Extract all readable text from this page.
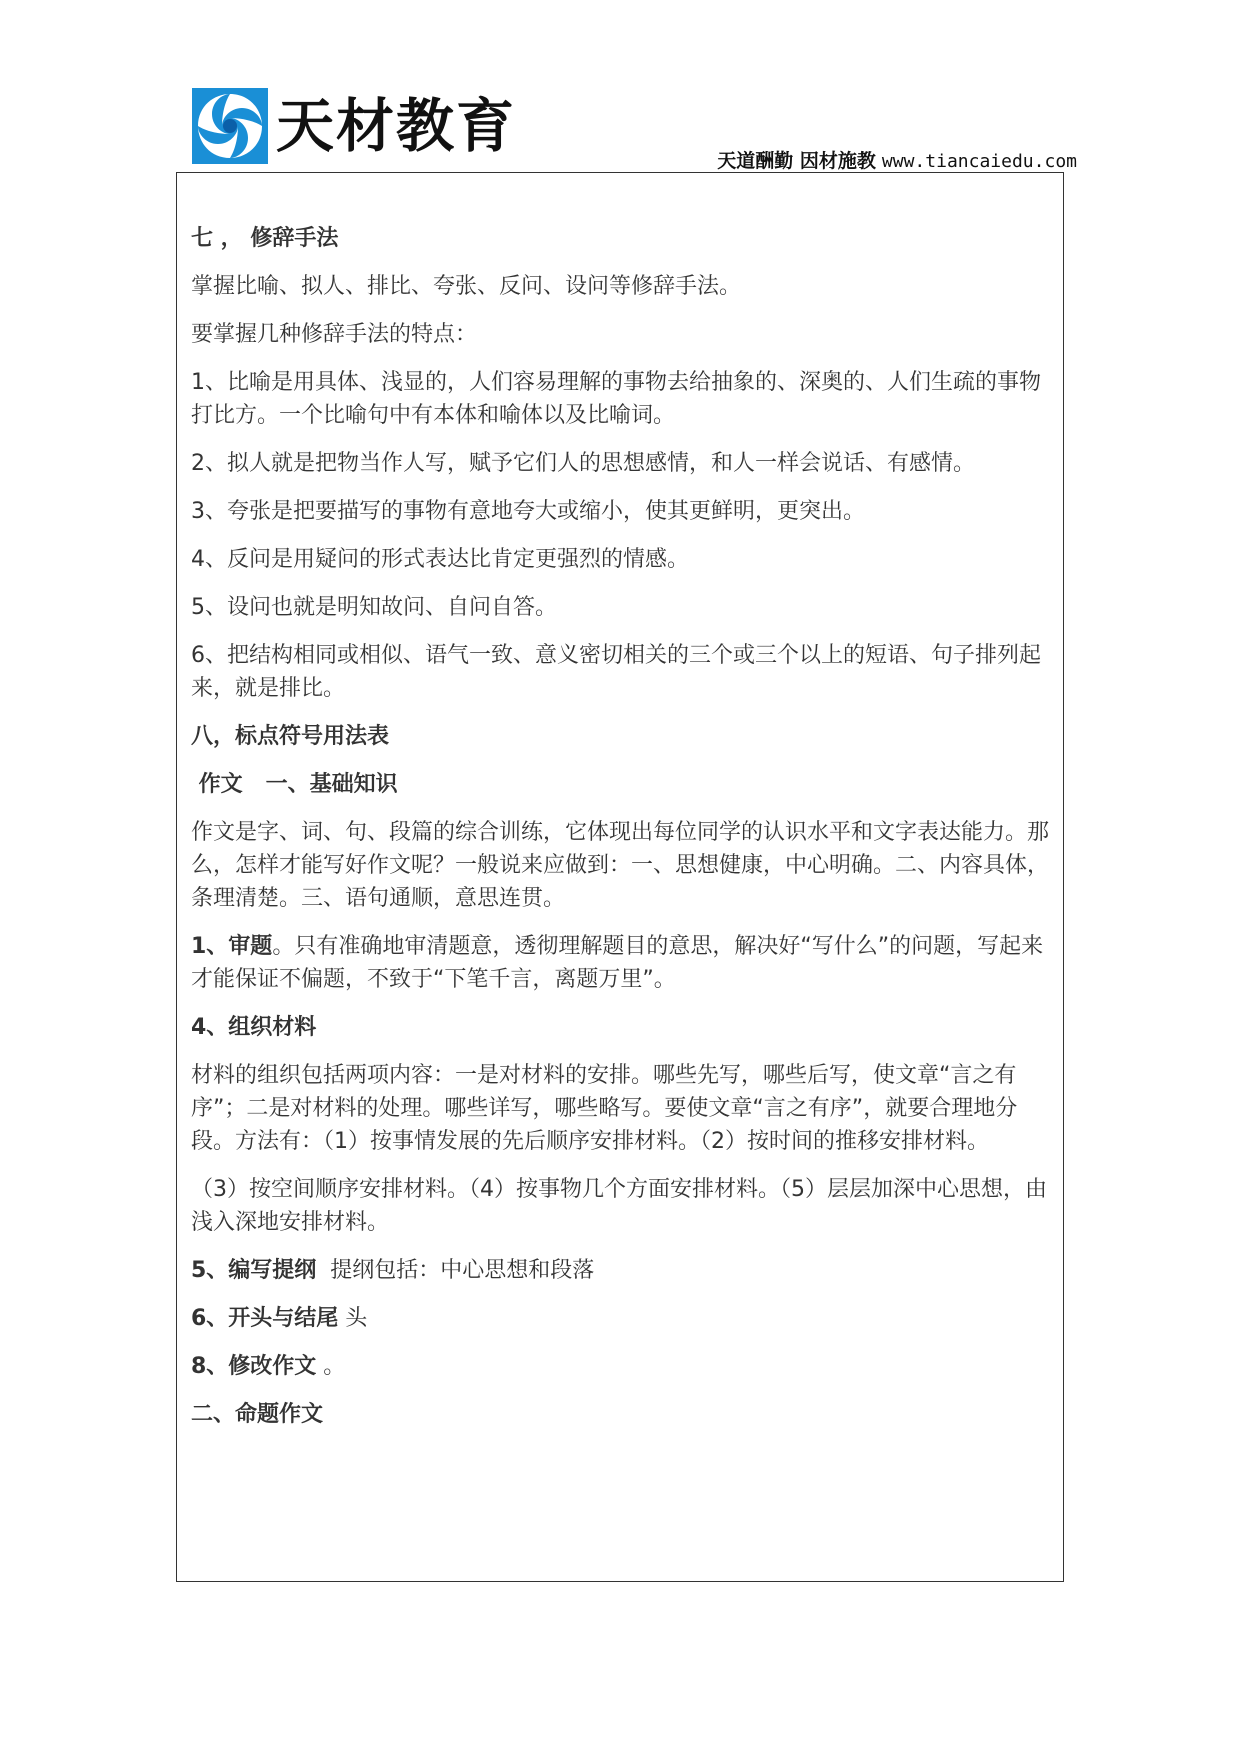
天材教育
天道酬勤 因材施教 www.tiancaiedu.com

七 ， 修辞手法

掌握比喻、拟人、排比、夸张、反问、设问等修辞手法。

要掌握几种修辞手法的特点：

1、比喻是用具体、浅显的，人们容易理解的事物去给抽象的、深奥的、人们生疏的事物打比方。一个比喻句中有本体和喻体以及比喻词。

2、拟人就是把物当作人写，赋予它们人的思想感情，和人一样会说话、有感情。

3、夸张是把要描写的事物有意地夸大或缩小，使其更鲜明，更突出。

4、反问是用疑问的形式表达比肯定更强烈的情感。

5、设问也就是明知故问、自问自答。

6、把结构相同或相似、语气一致、意义密切相关的三个或三个以上的短语、句子排列起来，就是排比。

八，标点符号用法表

作文   一、基础知识

作文是字、词、句、段篇的综合训练，它体现出每位同学的认识水平和文字表达能力。那么，怎样才能写好作文呢？一般说来应做到：一、思想健康，中心明确。二、内容具体，条理清楚。三、语句通顺，意思连贯。

1、审题。只有准确地审清题意，透彻理解题目的意思，解决好“写什么”的问题，写起来才能保证不偏题，不致于“下笔千言，离题万里”。

4、组织材料

材料的组织包括两项内容：一是对材料的安排。哪些先写，哪些后写，使文章“言之有序”；二是对材料的处理。哪些详写，哪些略写。要使文章“言之有序”，就要合理地分段。方法有：（1）按事情发展的先后顺序安排材料。（2）按时间的推移安排材料。

（3）按空间顺序安排材料。（4）按事物几个方面安排材料。（5）层层加深中心思想，由浅入深地安排材料。

5、编写提纲  提纲包括：中心思想和段落

6、开头与结尾 头

8、修改作文 。

二、命题作文
